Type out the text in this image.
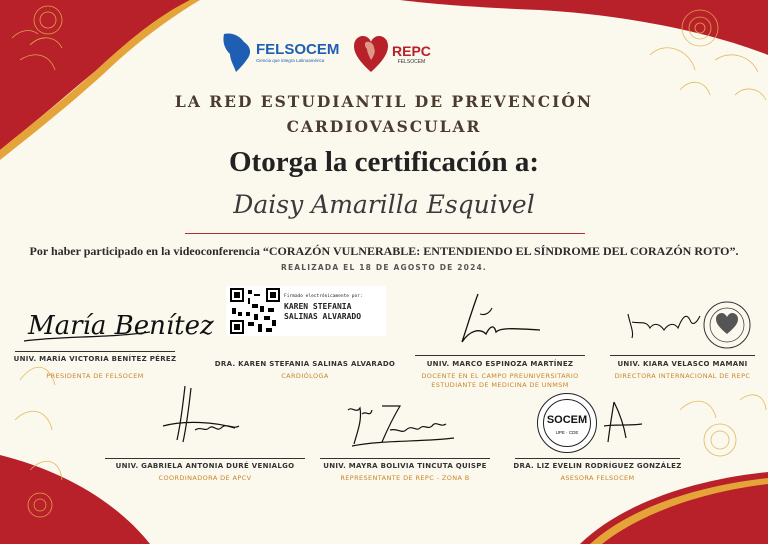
FELSOCEM
Ciencia que integra Latinoamérica
REPC
FELSOCEM
LA RED ESTUDIANTIL DE PREVENCIÓN
CARDIOVASCULAR
Otorga la certificación a:
Daisy Amarilla Esquivel
Por haber participado en la videoconferencia “CORAZÓN VULNERABLE: ENTENDIENDO EL SÍNDROME DEL CORAZÓN ROTO”.
REALIZADA EL 18 DE AGOSTO DE 2024.
María Benítez
UNIV. MARÍA VICTORIA BENÍTEZ PÉREZ
PRESIDENTA DE FELSOCEM
Firmado electrónicamente por:
KAREN STEFANIA
SALINAS ALVARADO
DRA. KAREN STEFANIA SALINAS ALVARADO
CARDIÓLOGA
UNIV. MARCO ESPINOZA MARTÍNEZ
DOCENTE EN EL CAMPO PREUNIVERSITARIO
ESTUDIANTE DE MEDICINA DE UNMSM
UNIV. KIARA VELASCO MAMANI
DIRECTORA INTERNACIONAL DE REPC
UNIV. GABRIELA ANTONIA DURÉ VENIALGO
COORDINADORA DE APCV
UNIV. MAYRA BOLIVIA TINCUTA QUISPE
REPRESENTANTE DE REPC - ZONA B
SOCEM
UPE · CDE
DRA. LIZ EVELIN RODRÍGUEZ GONZÁLEZ
ASESORA FELSOCEM
